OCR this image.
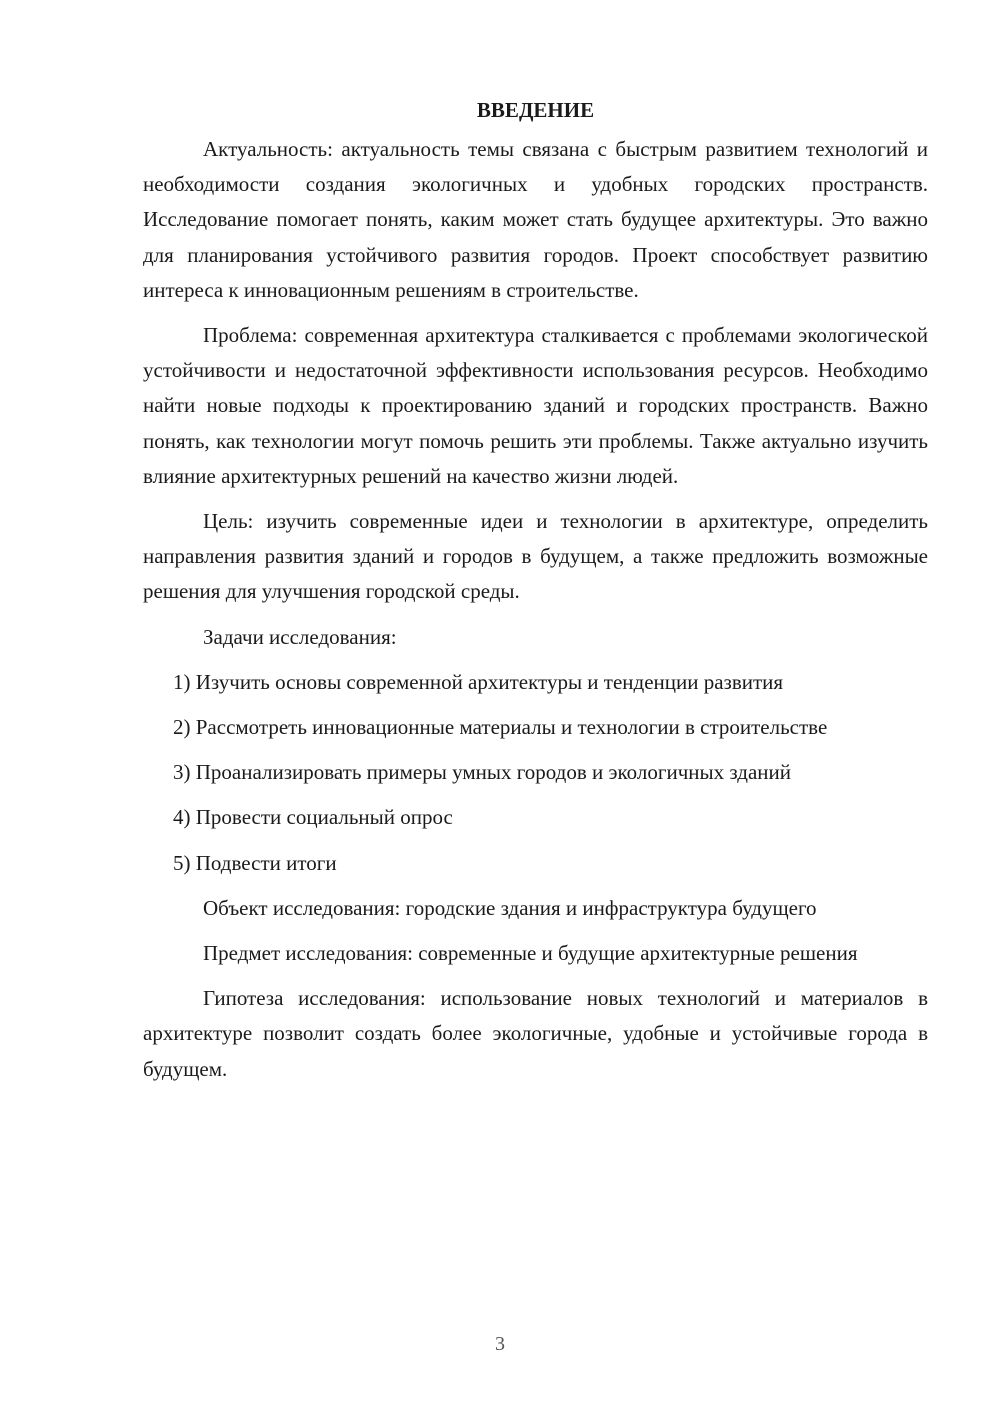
ВВЕДЕНИЕ

Актуальность: актуальность темы связана с быстрым развитием технологий и необходимости создания экологичных и удобных городских пространств. Исследование помогает понять, каким может стать будущее архитектуры. Это важно для планирования устойчивого развития городов. Проект способствует развитию интереса к инновационным решениям в строительстве.

Проблема: современная архитектура сталкивается с проблемами экологической устойчивости и недостаточной эффективности использования ресурсов. Необходимо найти новые подходы к проектированию зданий и городских пространств. Важно понять, как технологии могут помочь решить эти проблемы. Также актуально изучить влияние архитектурных решений на качество жизни людей.

Цель: изучить современные идеи и технологии в архитектуре, определить направления развития зданий и городов в будущем, а также предложить возможные решения для улучшения городской среды.

Задачи исследования:

1) Изучить основы современной архитектуры и тенденции развития

2) Рассмотреть инновационные материалы и технологии в строительстве

3) Проанализировать примеры умных городов и экологичных зданий

4) Провести социальный опрос

5) Подвести итоги

Объект исследования: городские здания и инфраструктура будущего

Предмет исследования: современные и будущие архитектурные решения

Гипотеза исследования: использование новых технологий и материалов в архитектуре позволит создать более экологичные, удобные и устойчивые города в будущем.

3
